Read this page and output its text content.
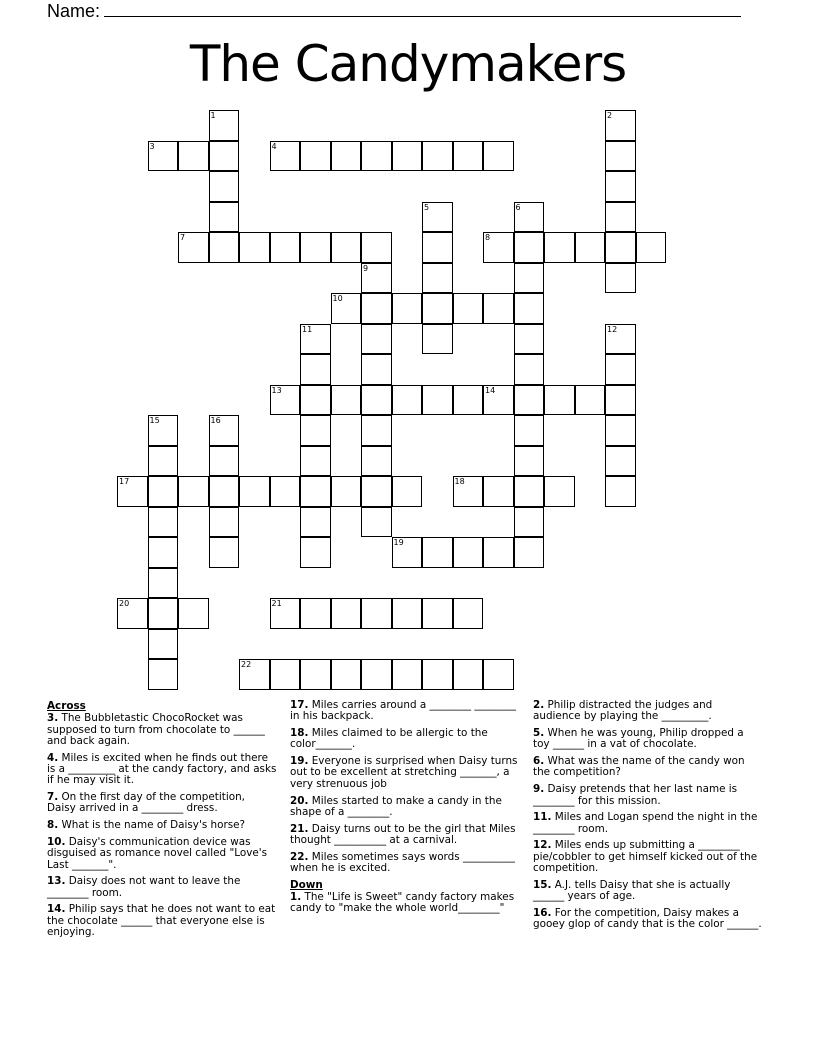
Name:
The Candymakers
1	2
3	4
5	6
7	8
9
10
11	12
13	14
15	16
17	18
19
20	21
22
Across
3. The Bubbletastic ChocoRocket was supposed to turn from chocolate to ______ and back again.
4. Miles is excited when he finds out there is a _________ at the candy factory, and asks if he may visit it.
7. On the first day of the competition, Daisy arrived in a ________ dress.
8. What is the name of Daisy's horse?
10. Daisy's communication device was disguised as romance novel called "Love's Last _______".
13. Daisy does not want to leave the ________ room.
14. Philip says that he does not want to eat the chocolate ______ that everyone else is enjoying.
17. Miles carries around a ________ ________ in his backpack.
18. Miles claimed to be allergic to the color_______.
19. Everyone is surprised when Daisy turns out to be excellent at stretching _______, a very strenuous job
20. Miles started to make a candy in the shape of a ________.
21. Daisy turns out to be the girl that Miles thought __________ at a carnival.
22. Miles sometimes says words __________ when he is excited.
Down
1. The "Life is Sweet" candy factory makes candy to "make the whole world________"
2. Philip distracted the judges and audience by playing the _________.
5. When he was young, Philip dropped a toy ______ in a vat of chocolate.
6. What was the name of the candy won the competition?
9. Daisy pretends that her last name is ________ for this mission.
11. Miles and Logan spend the night in the ________ room.
12. Miles ends up submitting a ________ pie/cobbler to get himself kicked out of the competition.
15. A.J. tells Daisy that she is actually ______ years of age.
16. For the competition, Daisy makes a gooey glop of candy that is the color ______.
